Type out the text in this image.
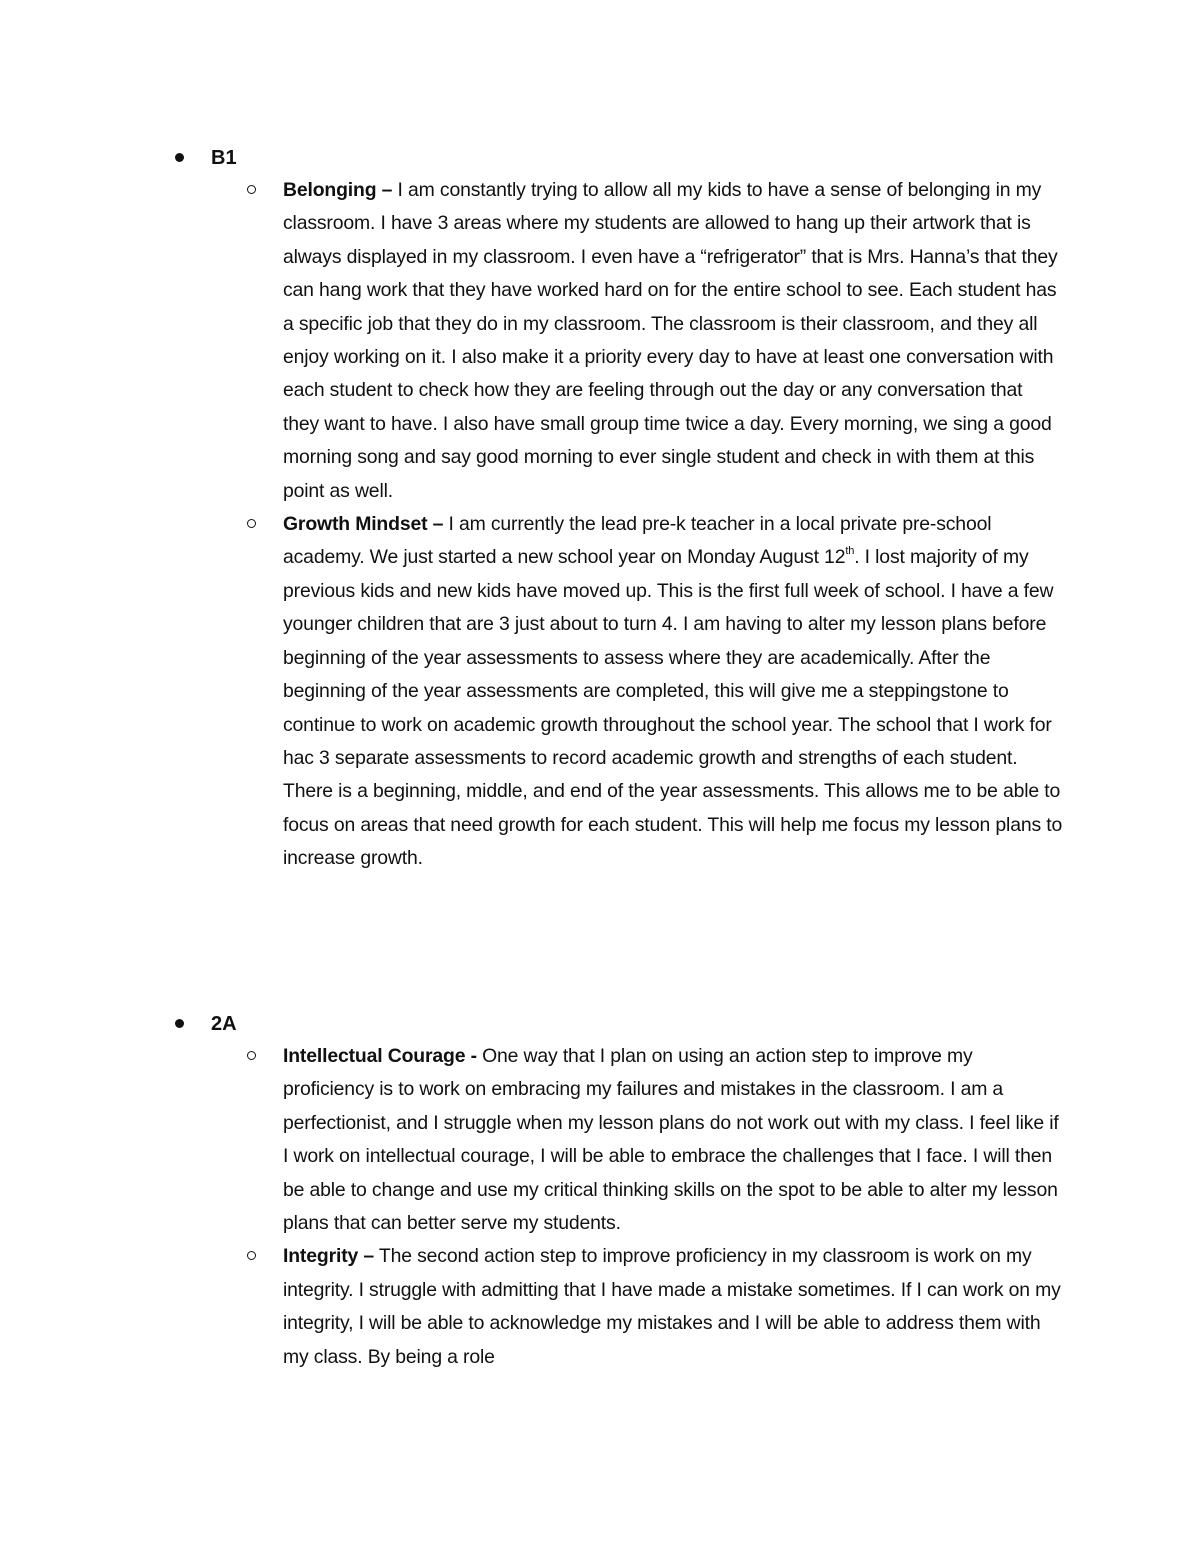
B1
Belonging – I am constantly trying to allow all my kids to have a sense of belonging in my classroom. I have 3 areas where my students are allowed to hang up their artwork that is always displayed in my classroom. I even have a “refrigerator” that is Mrs. Hanna’s that they can hang work that they have worked hard on for the entire school to see. Each student has a specific job that they do in my classroom. The classroom is their classroom, and they all enjoy working on it. I also make it a priority every day to have at least one conversation with each student to check how they are feeling through out the day or any conversation that they want to have. I also have small group time twice a day. Every morning, we sing a good morning song and say good morning to ever single student and check in with them at this point as well.
Growth Mindset – I am currently the lead pre-k teacher in a local private pre-school academy. We just started a new school year on Monday August 12th. I lost majority of my previous kids and new kids have moved up. This is the first full week of school. I have a few younger children that are 3 just about to turn 4. I am having to alter my lesson plans before beginning of the year assessments to assess where they are academically. After the beginning of the year assessments are completed, this will give me a steppingstone to continue to work on academic growth throughout the school year. The school that I work for hac 3 separate assessments to record academic growth and strengths of each student. There is a beginning, middle, and end of the year assessments. This allows me to be able to focus on areas that need growth for each student. This will help me focus my lesson plans to increase growth.
2A
Intellectual Courage - One way that I plan on using an action step to improve my proficiency is to work on embracing my failures and mistakes in the classroom. I am a perfectionist, and I struggle when my lesson plans do not work out with my class. I feel like if I work on intellectual courage, I will be able to embrace the challenges that I face. I will then be able to change and use my critical thinking skills on the spot to be able to alter my lesson plans that can better serve my students.
Integrity – The second action step to improve proficiency in my classroom is work on my integrity. I struggle with admitting that I have made a mistake sometimes. If I can work on my integrity, I will be able to acknowledge my mistakes and I will be able to address them with my class. By being a role
